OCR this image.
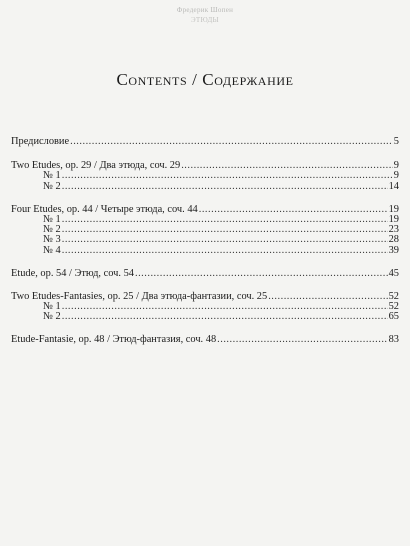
Фредерик Шопен
ЭТЮДЫ
Contents / Содержание
Предисловие .....	5
Two Etudes, op. 29 / Два этюда, соч. 29 .....	9
№ 1 .....	9
№ 2 .....	14
Four Etudes, op. 44 / Четыре этюда, соч. 44 .....	19
№ 1 .....	19
№ 2 .....	23
№ 3 .....	28
№ 4 .....	39
Etude, op. 54 / Этюд, соч. 54 .....	45
Two Etudes-Fantasies, op. 25 / Два этюда-фантазии, соч. 25 .....	52
№ 1 .....	52
№ 2 .....	65
Etude-Fantasie, op. 48 / Этюд-фантазия, соч. 48 .....	83
